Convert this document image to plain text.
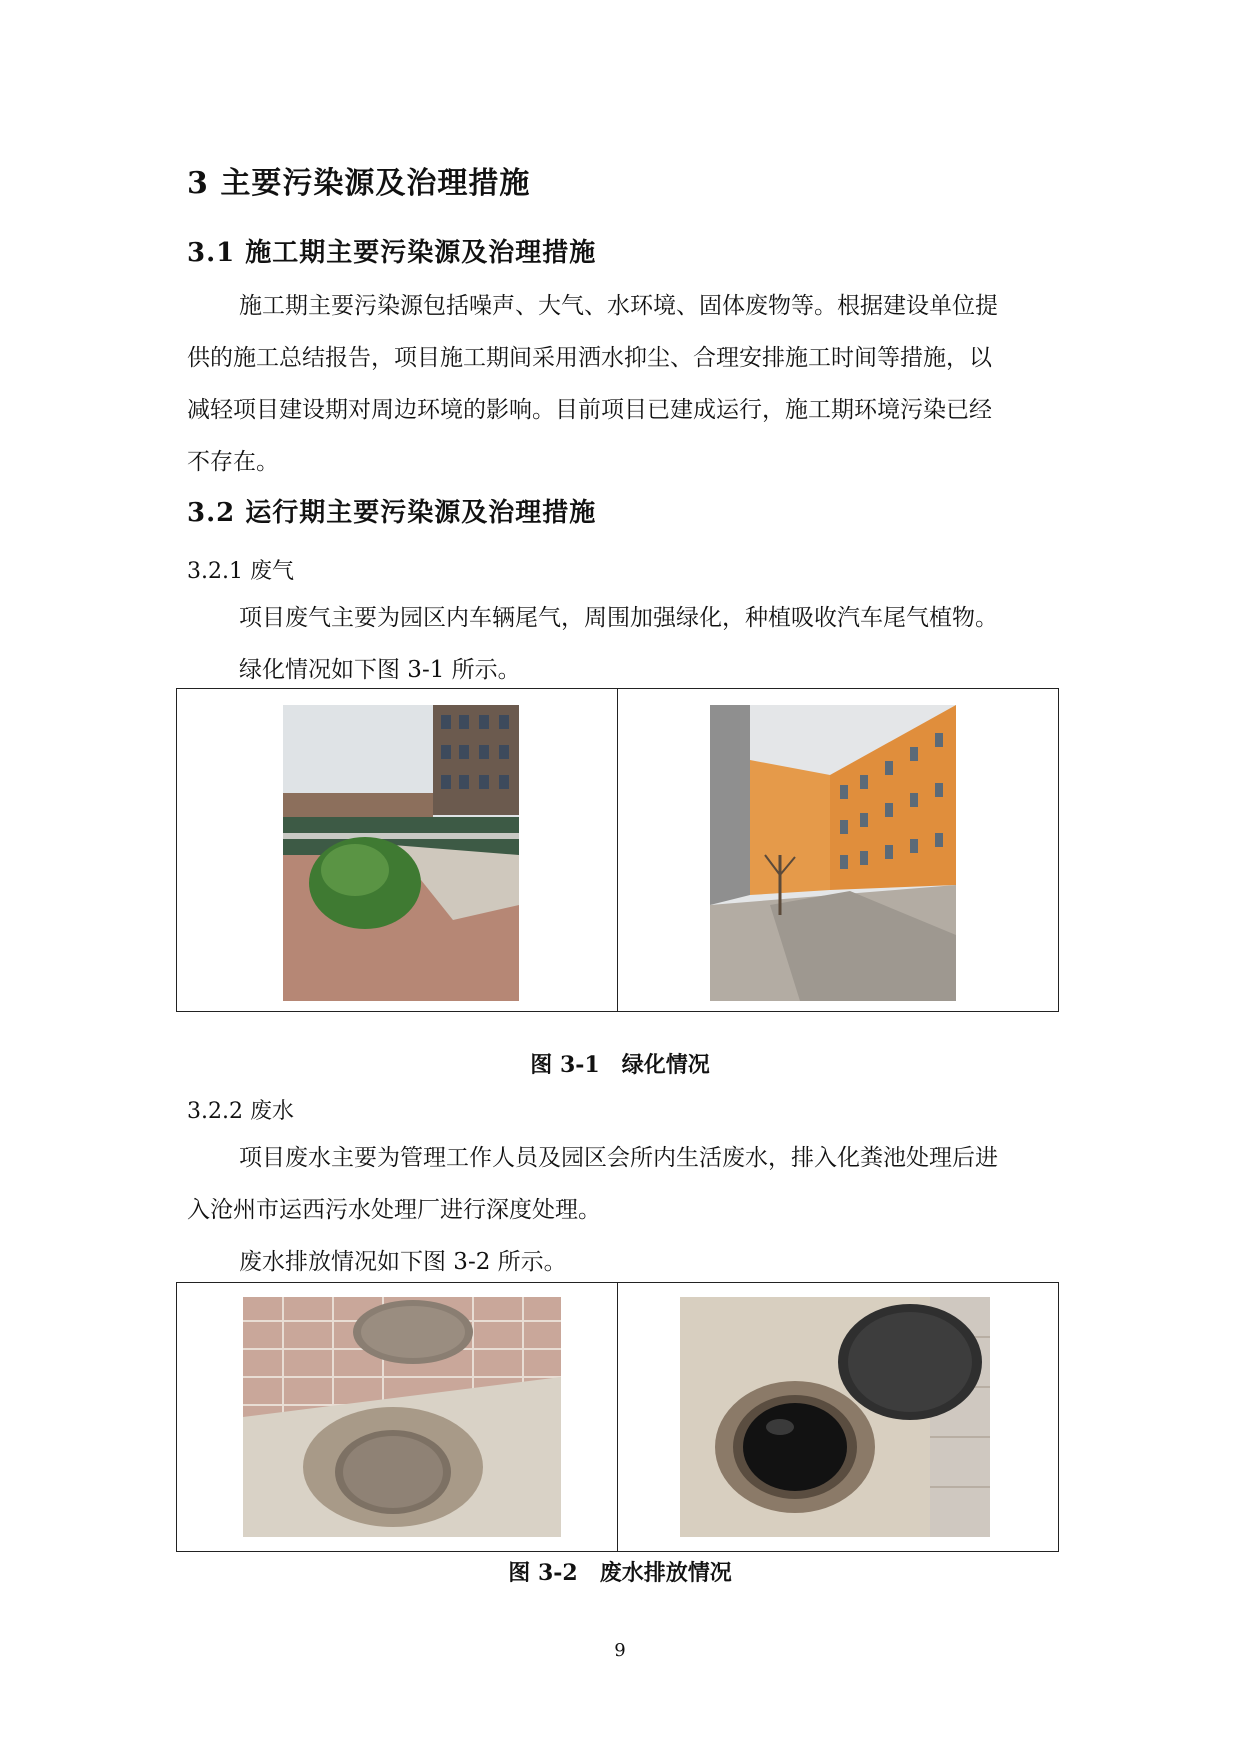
3 主要污染源及治理措施
3.1 施工期主要污染源及治理措施
施工期主要污染源包括噪声、大气、水环境、固体废物等。根据建设单位提
供的施工总结报告，项目施工期间采用洒水抑尘、合理安排施工时间等措施，以
减轻项目建设期对周边环境的影响。目前项目已建成运行，施工期环境污染已经
不存在。
3.2 运行期主要污染源及治理措施
3.2.1 废气
项目废气主要为园区内车辆尾气，周围加强绿化，种植吸收汽车尾气植物。
绿化情况如下图 3-1 所示。
图 3-1　绿化情况
3.2.2 废水
项目废水主要为管理工作人员及园区会所内生活废水，排入化粪池处理后进
入沧州市运西污水处理厂进行深度处理。
废水排放情况如下图 3-2 所示。
图 3-2　废水排放情况
9
